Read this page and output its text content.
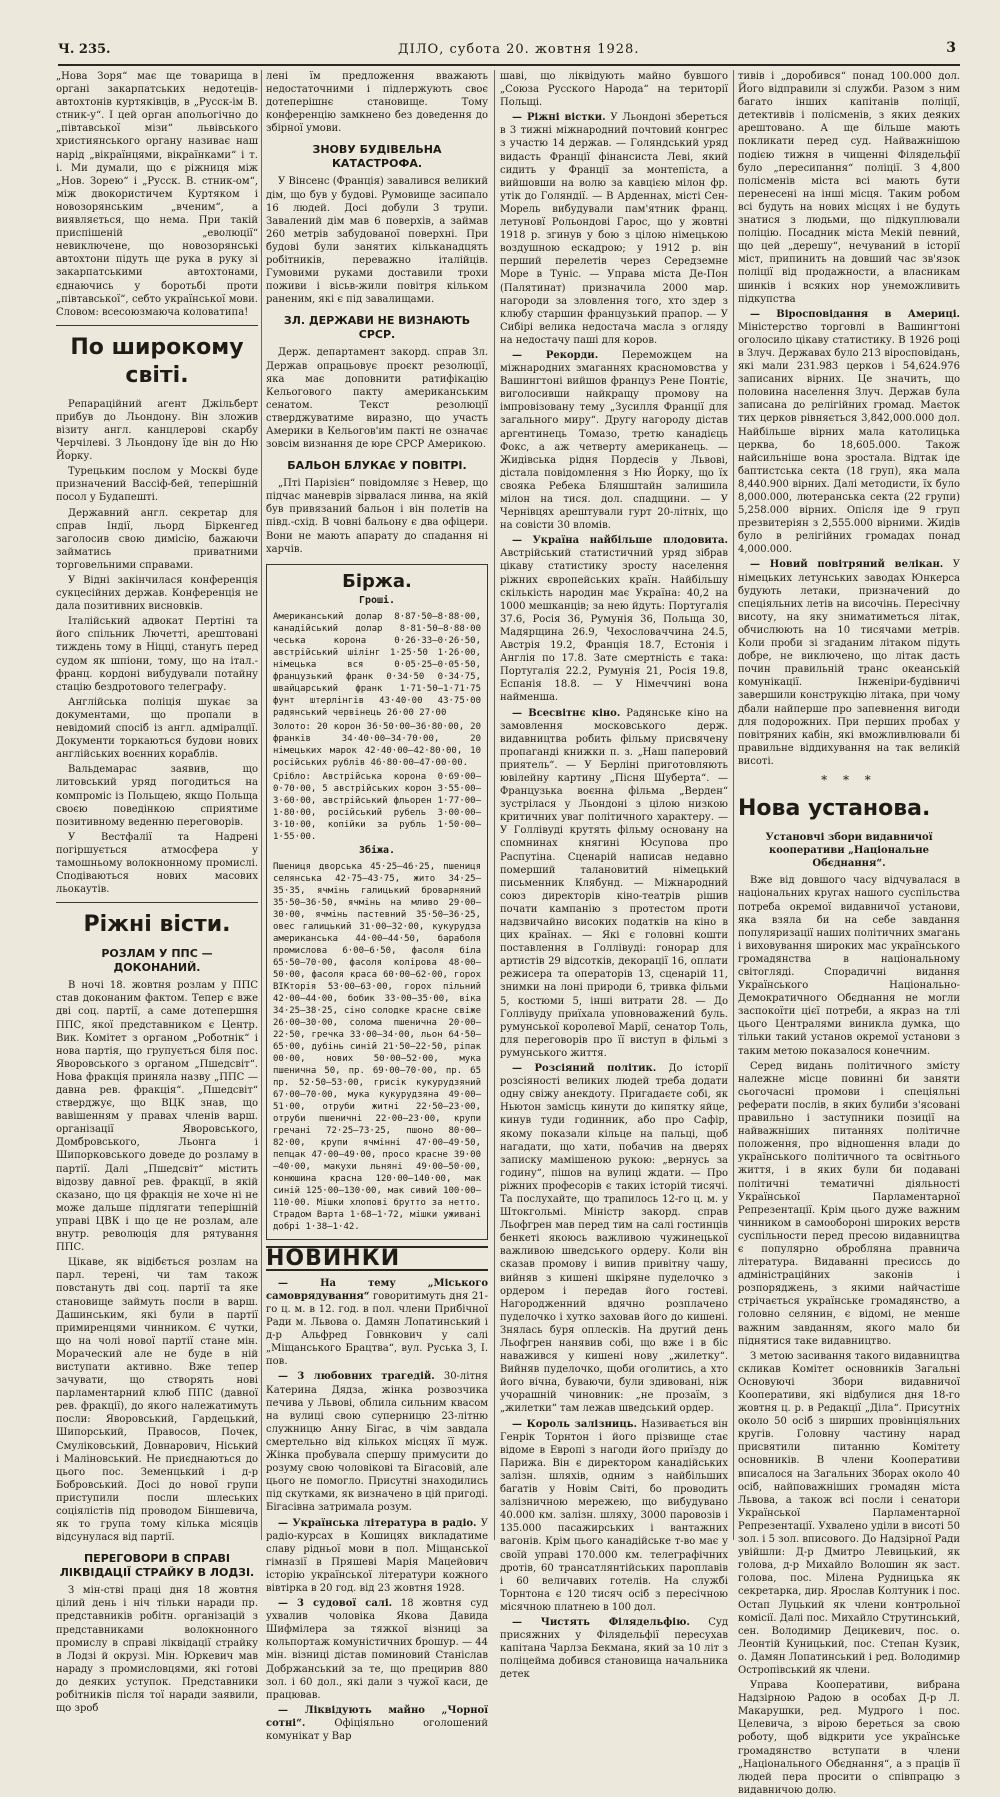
Ч. 235.	ДІЛО, субота 20. жовтня 1928.	3

„Нова Зоря“ має ще товарища в органі закарпатських недотеців-автохтонів куртяківців, в „Русск-ім В. стник-у“. І цей орган апольогічно до „півтавської мізи“ львівського християнського органу називає наш нарід „вікраїнцями, вікраїнками“ і т. і. Ми думали, що є ріжниця між „Нов. Зорею“ і „Русск. В. стник-ом“, між двокористичем Куртяком і новозорянським „вченим“, а виявляється, що нема. При такій приспішеній „еволюції“ невиключене, що новозорянські автохтони підуть ще рука в руку зі закарпатськими автохтонами, єднаючись у боротьбі проти „півтавської“, себто української мови. Словом: всесоюзмаюча коловатипа!

По широкому світі.

Репараційний агент Джільберт прибув до Льондону. Він зложив візиту англ. канцлерові скарбу Черчілеві. З Льондону їде він до Ню Йорку.

Турецьким послом у Москві буде призначений Вассіф-бей, теперішній посол у Будапешті.

Державний англ. секретар для справ Індії, льорд Біркенгед заголосив свою димісію, бажаючи займатись приватними торговельними справами.

У Відні закінчилася конференція сукцесійних держав. Конференція не дала позитивних висновків.

Італійський адвокат Пертіні та його спільник Лючетті, арештовані тиждень тому в Ніцці, станугь перед судом як шпіони, тому, що на італ.-франц. кордоні вибудували потайну стацію бездротового телеграфу.

Англійська поліція шукає за документами, що пропали в невідомий спосіб із англ. адміралції. Документи торкаються будови нових англійських воєнних кораблів.

Вальдемарас заявив, що литовський уряд погодиться на компроміс із Польщею, якщо Польща своєю поведінкою сприятиме позитивному веденню переговорів.

У Вестфалії та Надрені погіршується атмосфера у тамошньому волокнонному промислі. Сподіваються нових масових льокаутів.

Ріжні вісти.
РОЗЛАМ У ППС — ДОКОНАНИЙ.

В ночі 18. жовтня розлам у ППС став доконаним фактом. Тепер є вже дві соц. партії, а саме дотепершня ППС, якої представником є Центр. Вик. Комітет з органом „Роботнік“ і нова партія, що групується біля пос. Яворовського з органом „Пшедсвіт“. Нова фракція приняла назву „ППС — давна рев. фракція“. „Пшедсвіт“ стверджує, що ВЦК знав, що вавішенням у правах членів варш. організації Яворовського, Домбровського, Льонга і Шипорковського доведе до розламу в партії. Далі „Пшедсвіт“ містить відозву давної рев. фракції, в якій сказано, що ця фракція не хоче ні не може дальше підлягати теперішній управі ЦВК і що це не розлам, але внутр. революція для рятування ППС.

Цікаве, як відібється розлам на парл. терені, чи там також повстануть дві соц. партії та яке становище займуть посли в варш. Дашинським, які були в партії примиренцями чинником. Є чутки, що на чолі нової партії стане мін. Мораческий але не буде в ній виступати активно. Вже тепер зачувати, що створять нові парламентарний клюб ППС (давної рев. фракції), до якого належатимуть посли: Яворовський, Гардецький, Шипорський, Правосов, Почек, Смуліковський, Довнарович, Ніський і Маліновський. Не приєднаються до цього пос. Земенцький і д-р Бобровський. Досі до нової групи приступили посли шлеських соціялістів під проводом Біншевича, як то група тому кілька місяців відсунулася від партії.

ПЕРЕГОВОРИ В СПРАВІ ЛІКВІДАЦІЇ СТРАЙКУ В ЛОДЗІ.

З мін-стві праці дня 18 жовтня цілий день і ніч тільки наради пр. представників робітн. організацій з представниками волокнонного промислу в справі ліквідації страйку в Лодзі й окрузі. Мін. Юркевич мав нараду з промисловцями, які готові до деяких уступок. Представники робітників після тої наради заявили, що зроб

лені їм предложення вважають недостаточними і підлержують своє дотеперішнє становище. Тому конференцію замкнено без доведення до збірної умови.

ЗНОВУ БУДІВЕЛЬНА КАТАСТРОФА.

У Вінсенс (Франція) завалився великий дім, що був у будові. Румовище засипало 16 людей. Досі добули 3 трупи. Завалений дім мав 6 поверхів, а займав 260 метрів забудованої поверхні. При будові були занятих кільканадцять робітників, переважно італійців. Гумовими руками доставили трохи поживи і вісьв-жили повітря кільком раненим, які є під завалищами.

ЗЛ. ДЕРЖАВИ НЕ ВИЗНАЮТЬ СРСР.

Держ. департамент закорд. справ Зл. Держав опрацьовує проєкт резолюції, яка має доповнити ратифікацію Кельогового пакту американським сенатом. Текст резолюції стверджуватиме виразно, що участь Америки в Кельогов'им пакті не означає зовсім визнання де юре СРСР Америкою.

БАЛЬОН БЛУКАЄ У ПОВІТРІ.

„Пті Парізієн“ повідомляє з Невер, що підчас маневрів зірвалася линва, на якій був привязаний бальон і він полетів на півд.-схід. В човні бальону є два офіцери. Вони не мають апарату до спадання ні харчів.

Біржа.
Гроші.

Американський долар 8·87·50—8·88·00, канадійський долар 8·81·50—8·88·00 чеська корона 0·26·33—0·26·50, австрійський шілінг 1·25·50 1·26·00, німецька вся 0·05·25—0·05·50, французький франк 0·34·50 0·34·75, швайцарський франк 1·71·50—1·71·75 фунт штерлінгів 43·40·00 43·75·00 радянський червінець 26·00 27·00

Золото: 20 корон 36·50·00—36·80·00, 20 франків 34·40·00—34·70·00, 20 німецьких марок 42·40·00—42·80·00, 10 російських рублів 46·80·00—47·00·00.

Срібло: Австрійська корона 0·69·00—0·70·00, 5 австрійських корон 3·55·00—3·60·00, австрійський фльорен 1·77·00—1·80·00, російський рубель 3·00·00—3·10·00, копійки за рубль 1·50·00—1·55·00.

Збіжа.

Пшениця дворська 45·25—46·25, пшениця селянська 42·75—43·75, жито 34·25—35·35, ячмінь галицький броварняний 35·50—36·50, ячмінь на мливо 29·00—30·00, ячмінь пастевний 35·50—36·25, овес галицький 31·00—32·00, кукурудза американська 44·00—44·50, бараболя промислова 6·00—6·50, фасоля біла 65·50—70·00, фасоля колірова 48·00—50·00, фасоля краса 60·00—62·00, горох ВІКторія 53·00—63·00, горох пільний 42·00—44·00, бобик 33·00—35·00, віка 34·25—38·25, сіно солодке красне свіже 26·00—30·00, солома пшенична 20·00—22·50, гречка 33·00—34·00, льон 64·50—65·00, дубінь синій 21·50—22·50, ріпак 00·00, нових 50·00—52·00, мука пшенична 50, пр. 69·00—70·00, пр. 65 пр. 52·50—53·00, грисік кукурудзяний 67·00—70·00, мука кукурудзяна 49·00—51·00, отруби житні 22·50—23·00, отруби пшеничні 22·00—23·00, крупи гречані 72·25—73·25, пшоно 80·00—82·00, крупи ячмінні 47·00—49·50, пепцак 47·00—49·00, просо красне 39·00—40·00, макухи льняні 49·00—50·00, конюшина красна 120·00—140·00, мак синій 125·00—130·00, мак сивий 100·00—110·00. Мішки хлопові брутто за нетто. Страдом Варта 1·68—1·72, мішки уживані добрі 1·38—1·42.

НОВИНКИ

— На тему „Міського самоврядування“ говоритимуть дня 21-го ц. м. в 12. год. в пол. члени Прибічної Ради м. Львова о. Дамян Лопатинський і д-р Альфред Говнкович у салі „Міщанського Брацтва“, вул. Руська 3, І. пов.

— 3 любовних трагедій. 30-літня Катерина Дядза, жінка розвозчика печива у Львові, облила сильним квасом на вулиці свою суперницю 23-літню служницю Анну Бігас, в чім завдала смертельно від кількох місцях її муж. Жінка пробувала спершу примусити до розуму свою чоловікові та Бігасовій, але цього не помогло. Присутні знаходились під скутками, як визначено в цій пригоді. Бігасівна затримала розум.

— Українська література в радіо. У радіо-курсах в Кошицях викладатиме славу рідньої мови в пол. Міщанської гімназії в Пряшеві Марія Мацейович історію української літератури кожного вівтірка в 20 год. від 23 жовтня 1928.

— 3 судової салі. 18 жовтня суд ухвалив чоловіка Якова Давида Шифмілера за тяжкої візниці за кольпортаж комуністичних брошур. — 44 мін. візниці дістав поминовий Станіслав Добржанський за те, що прецирив 880 зол. і 60 дол., які дали з чужої каси, де працював.

— Ліквідують майно „Чорної сотні“.	Офіціяльно оголошений комунікат у Вар

шаві, що ліквідують майно бувшого „Союза Русского Народа“ на території Польщі.

— Ріжні вістки. У Льондоні збереться в 3 тижні міжнародний почтовий конгрес з участю 14 держав. — Голяндський уряд видасть Франції фінансиста Леві, який сидить у Франції за монтепіста, а вийшовши на волю за кавцією мілон фр. утік до Голяндії. — В Арденнах, місті Сен-Морель вибудували пам'ятник франц. летуновї Рольондові Гарос, що у жовтні 1918 р. згинув у бою з цілою німецькою воздушною ескадрою; у 1912 р. він перший перелетів через Середземне Море в Туніс. — Управа міста Де-Пон (Палятинат) призначила 2000 мар. нагороди за зловлення того, хто здер з клюбу старшин французький прапор. — У Сибірі велика недостача масла з огляду на недостачу паші для коров.

— Рекорди. Переможцем на міжнародних змаганнях красномовства у Вашингтоні вийшов француз Рене Понтіє, виголосивши найкращу промову на імпровізовану тему „Зусилля Франції для загального миру“. Другу нагороду дістав аргентинець Томазо, третю канадієць Фокс, а аж четверту американець. — Жидівська рідня Пордесів у Львові, дістала повідомлення з Ню Йорку, що їх свояка Ребека Бляшштайн залишила мілон на тися. дол. спадщини. — У Чернівцях арештували гурт 20-літніх, що на совісти 30 вломів.

— Україна найбільше плодовита. Австрійський статистичний уряд зібрав цікаву статистику зросту населення ріжних європейських країн. Найбільшу скількість народин має Україна: 40,2 на 1000 мешканців; за нею йдуть: Португалія 37.6, Росія 36, Румунія 36, Польща 30, Мадярщина 26.9, Чехословаччина 24.5, Австрія 19.2, Франція 18.7, Естонія і Англія по 17.8. Зате смертність є така: Португалія 22.2, Румунія 21, Росія 19.8, Еспанія 18.8. — У Німеччині вона найменша.

— Всесвітнє кіно. Радянське кіно на замовлення московського держ. видавництва робить фільму присвячену пропаганді книжки п. з. „Наш паперовий приятель“. — У Берліні приготовляють ювілейну картину „Пісня Шуберта“. — Французька воєнна фільма „Верден“ зустрілася у Льондоні з цілою низкою критичних уваг політичного характеру. — У Голлівуді крутять фільму основану на спомнинах княгині Юсупова про Распутіна. Сценарій написав недавно померший талановитий німецький письменник Клябунд. — Міжнародний союз директорів кіно-театрів рішив почати кампанію з протестом проти надзвичайно високих податків на кіно в цих країнах. — Які є головні кошти поставлення в Голлівуді: гонорар для артистів 29 відсотків, декорації 16, оплати режисера та операторів 13, сценарій 11, знимки на лоні природи 6, тривка фільми 5, костюми 5, інші витрати 28. — До Голлівуду приїхала уповноважений буль. румунської королевої Марії, сенатор Толь, для переговорів про її виступ в фільмі з румунського життя.

— Розсіяний політик. До історії розсіяності великих людей треба додати одну свіжу анекдоту. Пригадаєте собі, як Ньютон замісць кинути до кипятку яйце, кинув туди годинник, або про Сафір, якому показали кільце на пальці, щоб нагадати, що хати, побачив на дверях записку мамішеною рукою: „вернусь за годину“, пішов на вулиці ждати. — Про ріжних професорів є таких історій тисячі. Та послухайте, що трапилось 12-го ц. м. у Штокгольмі. Міністр закорд. справ Льофгрен мав перед тим на салі гостинців бенкеті якоюсь важливою чужинецької важливою шведського ордеру. Коли він сказав промову і випив привітну чашу, вийняв з кишені шкіряне пуделочко з ордером і передав його гостеві. Нагородженний вдячно розплачено пуделочко і хутко заховав його до кишені. Знялась буря оплесків. На другий день Льофгрен нанявив собі, що вже і в біс наважився у кишені нову „жилетку“. Вийняв пуделочко, щоби оголитись, а хто його вічна, буваючи, були здивовані, ніж учорашній чиновник: „не прозаїм, з „жилетки“ там лежав шведський ордер.

— Король залізниць. Називається він Генрік Торнтон і його прізвище стає відоме в Европі з нагоди його приїзду до Парижа. Він є директором канадійських залізн. шляхів, одним з найбільших багатів у Новім Світі, бо проводить залізничною мережею, що вибудувано 40.000 км. залізн. шляху, 3000 паровозів і 135.000 пасажирських і вантажних вагонів. Крім цього канадійське т-во має у своїй управі 170.000 км. телеграфічних дротів, 60 трансатлянтійських пароплавів і 60 величавих готелів. На службі Торнтона є 120 тисяч осіб з пересічною місячною платнею в 100 дол.

— Чистять Філядельфію. Суд присяжних у Філядельфії пересухав капітана Чарлза Бекмана, який за 10 літ з поліцейма добився становища начальника детек

тивів і „доробився“ понад 100.000 дол. Його відправили зі служби. Разом з ним багато інших капітанів поліції, детективів і полісменів, з яких деяких арештовано. А ще більше мають покликати перед суд. Найважнішою подією тижня в чищенні Філядельфії було „пересипання“ поліції. З 4,800 полісменів міста всі мають бути перенесені на інші місця. Таким робом всі будуть на нових місцях і не будуть знатися з людьми, що підкуплювали поліцію. Посадник міста Мекій певний, що цей „дерешу“, нечуваний в історії міст, припинить на довший час зв'язок поліції від продажности, а власникам шинків і всяких нор унеможливить підкупства

— Віросповідання в Америці. Міністерство торговлі в Вашингтоні оголосило цікаву статистику. В 1926 році в Злуч. Державах було 213 віросповідань, які мали 231.983 церков і 54,624.976 записаних вірних. Це значить, що половина населення Злуч. Держав була записана до релігійних громад. Маєток тих церков рівняється 3,842,000.000 дол. Найбільше вірних мала католицька церква, бо 18,605.000. Також найсильніше вона зростала. Відтак іде баптистська секта (18 груп), яка мала 8,440.900 вірних. Далі методисти, їх було 8,000.000, лютеранська секта (22 групи) 5,258.000 вірних. Опісля іде 9 груп презвитеріян з 2,555.000 вірними. Жидів було в релігійних громадах понад 4,000.000.

— Новий повітряний велікан. У німецьких летунських заводах Юнкерса будують летаки, призначений до спеціяльних летів на височінь. Пересічну висоту, на яку зниматиметься літак, обчислюють на 10 тисячами метрів. Коли проби зі згаданим літаком підуть добре, не виключено, що літак дасть почин правильній транс океанській комунікації. Інженіри-будівничі завершили конструкцію літака, при чому дбали найперше про запевнення вигоди для подорожних. При перших пробах у повітряних кабін, які вможливлювали бі правильне віддихування на так великій висоті.

* * *
Нова установа.
Установчі збори видавничої кооперативи „Національне Обєднання“.

Вже від довшого часу відчувалася в національних кругах нашого суспільства потреба окремої видавничої установи, яка взяла би на себе завдання популяризації наших політичних змагань і виховування широких мас українського громадянства в національному світогляді. Спорадичні видання Українського Національно-Демократичного Обєднання не могли заспокоїти цієї потреби, а якраз на тлі цього Централями виникла думка, що тільки такий установ окремої установи з таким метою показалося конечним.

Серед видань політичного змісту належне місце повинні би заняти сьогочасні промови і спеціяльні реферати послів, в яких булиби з'ясовані правильно і заступники позиції на найважніших питаннях політичне положення, про відношення влади до українського політичного та освітнього життя, і в яких були би подавані політичні тематичні діяльності Української Парламентарної Репрезентації. Крім цього дуже важним чинником в самообороні широких верств суспільности перед пресою видавництва є популярно обробляна правнича література. Видаванні пресиссь до адміністраційних законів і розпоряджень, з якими найчастіше стрічається українське громадянство, а головно селянин, є відомі, не менше важним завданням, якого мало би піднятися таке видавництво.

З метою засивання такого видавництва скликав Комітет основників Загальні Основуючі Збори видавничої Кооперативи, які відбулися дня 18-го жовтня ц. р. в Редакції „Діла“. Присутніх около 50 осіб з ширших провінціяльних кругів. Головну частину нарад присвятили питанню Комітету основників. В члени Кооперативи вписалося на Загальних Зборах около 40 осіб, найповажніших громадян міста Львова, а також всі посли і сенатори Української Парламентарної Репрезентації. Ухвалено уділи в висоті 50 зол. і 5 зол. вписового. До Надзірної Ради увійшли: Д-р Дмитро Левицький, як голова, д-р Михайло Волошин як заст. голова, пос. Мілена Рудницька як секретарка, дир. Ярослав Колтуник і пос. Остап Луцький як члени контрольної комісії. Далі пос. Михайло Струтинський, сен. Володимир Децикевич, пос. о. Леонтій Куницький, пос. Степан Кузик, о. Дамян Лопатинський і ред. Володимир Остропівський як члени.

Управа Кооперативи, вибрана Надзірною Радою в особах Д-р Л. Макарушки, ред. Мудрого і пос. Целевича, з вірою береться за свою роботу, щоб відкрити усе українське громадянство вступати в члени „Національного Обєднання“, а з праців її людей пера просити о співпрацю з видавничою долю.
